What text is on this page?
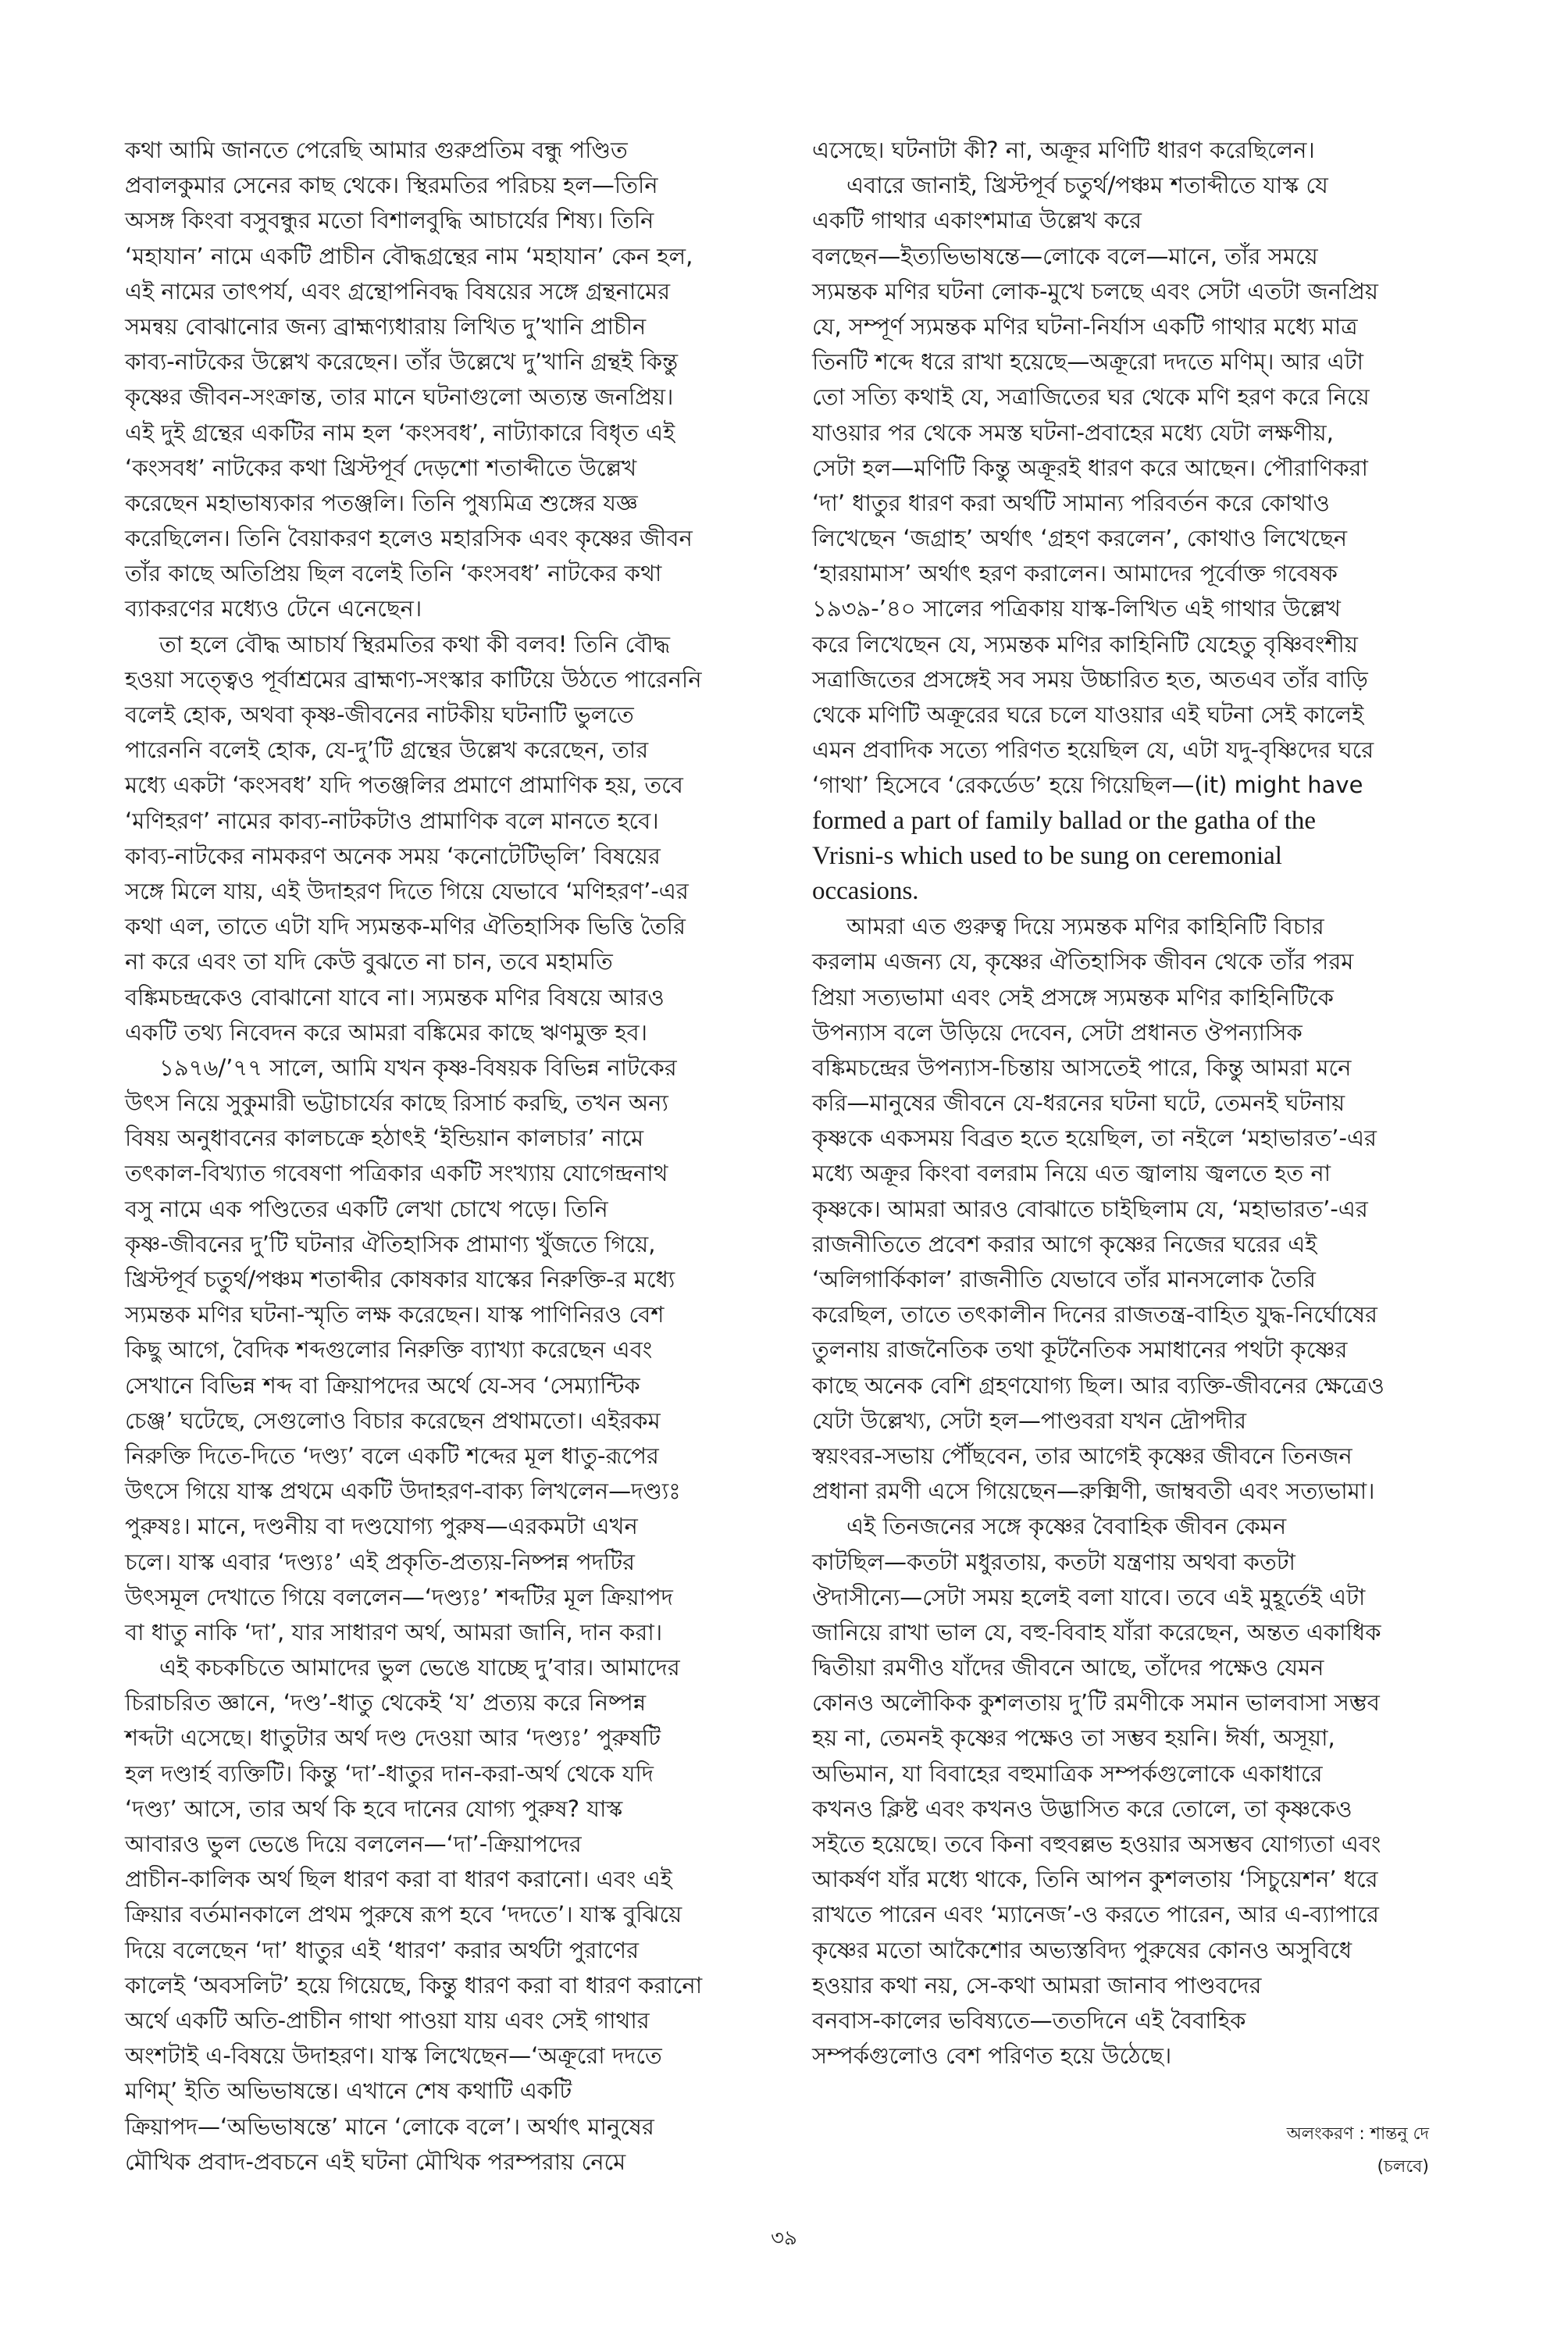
কথা আমি জানতে পেরেছি আমার গুরুপ্রতিম বন্ধু পণ্ডিত
প্রবালকুমার সেনের কাছ থেকে। স্থিরমতির পরিচয় হল—তিনি
অসঙ্গ কিংবা বসুবন্ধুর মতো বিশালবুদ্ধি আচার্যের শিষ্য। তিনি
‘মহাযান’ নামে একটি প্রাচীন বৌদ্ধগ্রন্থের নাম ‘মহাযান’ কেন হল,
এই নামের তাৎপর্য, এবং গ্রন্থোপনিবদ্ধ বিষয়ের সঙ্গে গ্রন্থনামের
সমন্বয় বোঝানোর জন্য ব্রাহ্মণ্যধারায় লিখিত দু’খানি প্রাচীন
কাব্য-নাটকের উল্লেখ করেছেন। তাঁর উল্লেখে দু’খানি গ্রন্থই কিন্তু
কৃষ্ণের জীবন-সংক্রান্ত, তার মানে ঘটনাগুলো অত্যন্ত জনপ্রিয়।
এই দুই গ্রন্থের একটির নাম হল ‘কংসবধ’, নাট্যাকারে বিধৃত এই
‘কংসবধ’ নাটকের কথা খ্রিস্টপূর্ব দেড়শো শতাব্দীতে উল্লেখ
করেছেন মহাভাষ্যকার পতঞ্জলি। তিনি পুষ্যমিত্র শুঙ্গের যজ্ঞ
করেছিলেন। তিনি বৈয়াকরণ হলেও মহারসিক এবং কৃষ্ণের জীবন
তাঁর কাছে অতিপ্রিয় ছিল বলেই তিনি ‘কংসবধ’ নাটকের কথা
ব্যাকরণের মধ্যেও টেনে এনেছেন।
তা হলে বৌদ্ধ আচার্য স্থিরমতির কথা কী বলব! তিনি বৌদ্ধ
হওয়া সত্ত্বেও পূর্বাশ্রমের ব্রাহ্মণ্য-সংস্কার কাটিয়ে উঠতে পারেননি
বলেই হোক, অথবা কৃষ্ণ-জীবনের নাটকীয় ঘটনাটি ভুলতে
পারেননি বলেই হোক, যে-দু’টি গ্রন্থের উল্লেখ করেছেন, তার
মধ্যে একটা ‘কংসবধ’ যদি পতঞ্জলির প্রমাণে প্রামাণিক হয়, তবে
‘মণিহরণ’ নামের কাব্য-নাটকটাও প্রামাণিক বলে মানতে হবে।
কাব্য-নাটকের নামকরণ অনেক সময় ‘কনোটেটিভ্‌লি’ বিষয়ের
সঙ্গে মিলে যায়, এই উদাহরণ দিতে গিয়ে যেভাবে ‘মণিহরণ’-এর
কথা এল, তাতে এটা যদি স্যমন্তক-মণির ঐতিহাসিক ভিত্তি তৈরি
না করে এবং তা যদি কেউ বুঝতে না চান, তবে মহামতি
বঙ্কিমচন্দ্রকেও বোঝানো যাবে না। স্যমন্তক মণির বিষয়ে আরও
একটি তথ্য নিবেদন করে আমরা বঙ্কিমের কাছে ঋণমুক্ত হব।
১৯৭৬/’৭৭ সালে, আমি যখন কৃষ্ণ-বিষয়ক বিভিন্ন নাটকের
উৎস নিয়ে সুকুমারী ভট্টাচার্যের কাছে রিসার্চ করছি, তখন অন্য
বিষয় অনুধাবনের কালচক্রে হঠাৎই ‘ইন্ডিয়ান কালচার’ নামে
তৎকাল-বিখ্যাত গবেষণা পত্রিকার একটি সংখ্যায় যোগেন্দ্রনাথ
বসু নামে এক পণ্ডিতের একটি লেখা চোখে পড়ে। তিনি
কৃষ্ণ-জীবনের দু’টি ঘটনার ঐতিহাসিক প্রামাণ্য খুঁজতে গিয়ে,
খ্রিস্টপূর্ব চতুর্থ/পঞ্চম শতাব্দীর কোষকার যাস্কের নিরুক্তি-র মধ্যে
স্যমন্তক মণির ঘটনা-স্মৃতি লক্ষ করেছেন। যাস্ক পাণিনিরও বেশ
কিছু আগে, বৈদিক শব্দগুলোর নিরুক্তি ব্যাখ্যা করেছেন এবং
সেখানে বিভিন্ন শব্দ বা ক্রিয়াপদের অর্থে যে-সব ‘সেম্যান্টিক
চেঞ্জ’ ঘটেছে, সেগুলোও বিচার করেছেন প্রথামতো। এইরকম
নিরুক্তি দিতে-দিতে ‘দণ্ড্য’ বলে একটি শব্দের মূল ধাতু-রূপের
উৎসে গিয়ে যাস্ক প্রথমে একটি উদাহরণ-বাক্য লিখলেন—দণ্ড্যঃ
পুরুষঃ। মানে, দণ্ডনীয় বা দণ্ডযোগ্য পুরুষ—এরকমটা এখন
চলে। যাস্ক এবার ‘দণ্ড্যঃ’ এই প্রকৃতি-প্রত্যয়-নিষ্পন্ন পদটির
উৎসমূল দেখাতে গিয়ে বললেন—‘দণ্ড্যঃ’ শব্দটির মূল ক্রিয়াপদ
বা ধাতু নাকি ‘দা’, যার সাধারণ অর্থ, আমরা জানি, দান করা।
এই কচকচিতে আমাদের ভুল ভেঙে যাচ্ছে দু’বার। আমাদের
চিরাচরিত জ্ঞানে, ‘দণ্ড’-ধাতু থেকেই ‘য’ প্রত্যয় করে নিষ্পন্ন
শব্দটা এসেছে। ধাতুটার অর্থ দণ্ড দেওয়া আর ‘দণ্ড্যঃ’ পুরুষটি
হল দণ্ডার্হ ব্যক্তিটি। কিন্তু ‘দা’-ধাতুর দান-করা-অর্থ থেকে যদি
‘দণ্ড্য’ আসে, তার অর্থ কি হবে দানের যোগ্য পুরুষ? যাস্ক
আবারও ভুল ভেঙে দিয়ে বললেন—‘দা’-ক্রিয়াপদের
প্রাচীন-কালিক অর্থ ছিল ধারণ করা বা ধারণ করানো। এবং এই
ক্রিয়ার বর্তমানকালে প্রথম পুরুষে রূপ হবে ‘দদতে’। যাস্ক বুঝিয়ে
দিয়ে বলেছেন ‘দা’ ধাতুর এই ‘ধারণ’ করার অর্থটা পুরাণের
কালেই ‘অবসলিট’ হয়ে গিয়েছে, কিন্তু ধারণ করা বা ধারণ করানো
অর্থে একটি অতি-প্রাচীন গাথা পাওয়া যায় এবং সেই গাথার
অংশটাই এ-বিষয়ে উদাহরণ। যাস্ক লিখেছেন—‘অক্রূরো দদতে
মণিম্’ ইতি অভিভাষন্তে। এখানে শেষ কথাটি একটি
ক্রিয়াপদ—‘অভিভাষন্তে’ মানে ‘লোকে বলে’। অর্থাৎ মানুষের
মৌখিক প্রবাদ-প্রবচনে এই ঘটনা মৌখিক পরম্পরায় নেমে
এসেছে। ঘটনাটা কী? না, অক্রূর মণিটি ধারণ করেছিলেন।
এবারে জানাই, খ্রিস্টপূর্ব চতুর্থ/পঞ্চম শতাব্দীতে যাস্ক যে
একটি গাথার একাংশমাত্র উল্লেখ করে
বলছেন—ইত্যভিভাষন্তে—লোকে বলে—মানে, তাঁর সময়ে
স্যমন্তক মণির ঘটনা লোক-মুখে চলছে এবং সেটা এতটা জনপ্রিয়
যে, সম্পূর্ণ স্যমন্তক মণির ঘটনা-নির্যাস একটি গাথার মধ্যে মাত্র
তিনটি শব্দে ধরে রাখা হয়েছে—অক্রূরো দদতে মণিম্। আর এটা
তো সত্যি কথাই যে, সত্রাজিতের ঘর থেকে মণি হরণ করে নিয়ে
যাওয়ার পর থেকে সমস্ত ঘটনা-প্রবাহের মধ্যে যেটা লক্ষণীয়,
সেটা হল—মণিটি কিন্তু অক্রূরই ধারণ করে আছেন। পৌরাণিকরা
‘দা’ ধাতুর ধারণ করা অর্থটি সামান্য পরিবর্তন করে কোথাও
লিখেছেন ‘জগ্রাহ’ অর্থাৎ ‘গ্রহণ করলেন’, কোথাও লিখেছেন
‘হারয়ামাস’ অর্থাৎ হরণ করালেন। আমাদের পূর্বোক্ত গবেষক
১৯৩৯-’৪০ সালের পত্রিকায় যাস্ক-লিখিত এই গাথার উল্লেখ
করে লিখেছেন যে, স্যমন্তক মণির কাহিনিটি যেহেতু বৃষ্ণিবংশীয়
সত্রাজিতের প্রসঙ্গেই সব সময় উচ্চারিত হত, অতএব তাঁর বাড়ি
থেকে মণিটি অক্রূরের ঘরে চলে যাওয়ার এই ঘটনা সেই কালেই
এমন প্রবাদিক সত্যে পরিণত হয়েছিল যে, এটা যদু-বৃষ্ণিদের ঘরে
‘গাথা’ হিসেবে ‘রেকর্ডেড’ হয়ে গিয়েছিল—(it) might have
formed a part of family ballad or the gatha of the
Vrisni-s which used to be sung on ceremonial
occasions.
আমরা এত গুরুত্ব দিয়ে স্যমন্তক মণির কাহিনিটি বিচার
করলাম এজন্য যে, কৃষ্ণের ঐতিহাসিক জীবন থেকে তাঁর পরম
প্রিয়া সত্যভামা এবং সেই প্রসঙ্গে স্যমন্তক মণির কাহিনিটিকে
উপন্যাস বলে উড়িয়ে দেবেন, সেটা প্রধানত ঔপন্যাসিক
বঙ্কিমচন্দ্রের উপন্যাস-চিন্তায় আসতেই পারে, কিন্তু আমরা মনে
করি—মানুষের জীবনে যে-ধরনের ঘটনা ঘটে, তেমনই ঘটনায়
কৃষ্ণকে একসময় বিব্রত হতে হয়েছিল, তা নইলে ‘মহাভারত’-এর
মধ্যে অক্রূর কিংবা বলরাম নিয়ে এত জ্বালায় জ্বলতে হত না
কৃষ্ণকে। আমরা আরও বোঝাতে চাইছিলাম যে, ‘মহাভারত’-এর
রাজনীতিতে প্রবেশ করার আগে কৃষ্ণের নিজের ঘরের এই
‘অলিগার্কিকাল’ রাজনীতি যেভাবে তাঁর মানসলোক তৈরি
করেছিল, তাতে তৎকালীন দিনের রাজতন্ত্র-বাহিত যুদ্ধ-নির্ঘোষের
তুলনায় রাজনৈতিক তথা কূটনৈতিক সমাধানের পথটা কৃষ্ণের
কাছে অনেক বেশি গ্রহণযোগ্য ছিল। আর ব্যক্তি-জীবনের ক্ষেত্রেও
যেটা উল্লেখ্য, সেটা হল—পাণ্ডবরা যখন দ্রৌপদীর
স্বয়ংবর-সভায় পৌঁছবেন, তার আগেই কৃষ্ণের জীবনে তিনজন
প্রধানা রমণী এসে গিয়েছেন—রুক্মিণী, জাম্ববতী এবং সত্যভামা।
এই তিনজনের সঙ্গে কৃষ্ণের বৈবাহিক জীবন কেমন
কাটছিল—কতটা মধুরতায়, কতটা যন্ত্রণায় অথবা কতটা
ঔদাসীন্যে—সেটা সময় হলেই বলা যাবে। তবে এই মুহূর্তেই এটা
জানিয়ে রাখা ভাল যে, বহু-বিবাহ যাঁরা করেছেন, অন্তত একাধিক
দ্বিতীয়া রমণীও যাঁদের জীবনে আছে, তাঁদের পক্ষেও যেমন
কোনও অলৌকিক কুশলতায় দু’টি রমণীকে সমান ভালবাসা সম্ভব
হয় না, তেমনই কৃষ্ণের পক্ষেও তা সম্ভব হয়নি। ঈর্ষা, অসূয়া,
অভিমান, যা বিবাহের বহুমাত্রিক সম্পর্কগুলোকে একাধারে
কখনও ক্লিষ্ট এবং কখনও উদ্ভাসিত করে তোলে, তা কৃষ্ণকেও
সইতে হয়েছে। তবে কিনা বহুবল্লভ হওয়ার অসম্ভব যোগ্যতা এবং
আকর্ষণ যাঁর মধ্যে থাকে, তিনি আপন কুশলতায় ‘সিচুয়েশন’ ধরে
রাখতে পারেন এবং ‘ম্যানেজ’-ও করতে পারেন, আর এ-ব্যাপারে
কৃষ্ণের মতো আকৈশোর অভ্যস্তবিদ্য পুরুষের কোনও অসুবিধে
হওয়ার কথা নয়, সে-কথা আমরা জানাব পাণ্ডবদের
বনবাস-কালের ভবিষ্যতে—ততদিনে এই বৈবাহিক
সম্পর্কগুলোও বেশ পরিণত হয়ে উঠেছে।
অলংকরণ : শান্তনু দে
(চলবে)
৩৯
